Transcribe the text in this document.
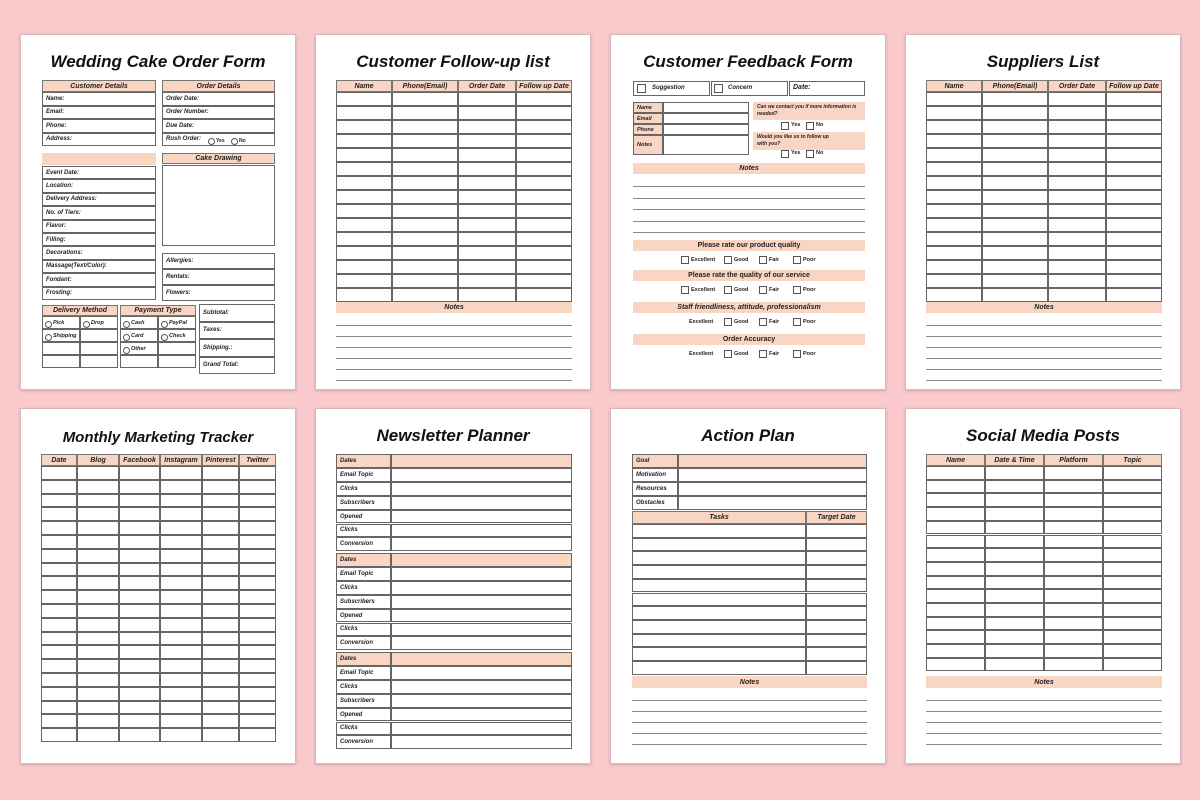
Wedding Cake Order Form
Customer Details	Order Details
Cake Drawing
Delivery Method	Payment Type
Name:
Email:
Phone:
Address:
Order Date:
Order Number:
Due Date:
Rush Order:	Yes	No
Event Date:
Location:
Delivery Address:
No. of Tiers:
Flavor:
Filling:
Decorations:
Massage(Text/Color):
Fondant:
Frosting:
Allergies:
Rentals:
Flowers:
Pick	Drop
Shipping
Cash	PayPal
Card	Check
Other
Subtotal:
Taxes:
Shipping.:
Grand Total:
Customer Follow-up list
Notes
Name	Phone(Email)	Order Date	Follow up Date
Customer Feedback Form
Suggestion	Concern	Date:
Can we contact you if more information is needed?
Yes	No
Would you like us to follow up with you?
Yes	No
Notes
Name
Email
Phone
Notes
Please rate our product quality
Excellent	Good	Fair	Poor
Please rate the quality of our service
Excellent	Good	Fair	Poor
Staff friendliness, attitude, professionalism
Excellent	Good	Fair	Poor
Order Accuracy
Excellent	Good	Fair	Poor
Suppliers List
Notes
Name	Phone(Email)	Order Date	Follow up Date
Monthly Marketing Tracker
Date	Blog	Facebook	Instagram	Pinterest	Twitter
Newsletter Planner
Dates
Email Topic
Clicks
Subscribers
Opened
Clicks
Conversion
Dates
Email Topic
Clicks
Subscribers
Opened
Clicks
Conversion
Dates
Email Topic
Clicks
Subscribers
Opened
Clicks
Conversion
Action Plan
Tasks	Target Date
Notes
Goal
Motivation
Resources
Obstacles
Social Media Posts
Notes
Name	Date & Time	Platform	Topic
